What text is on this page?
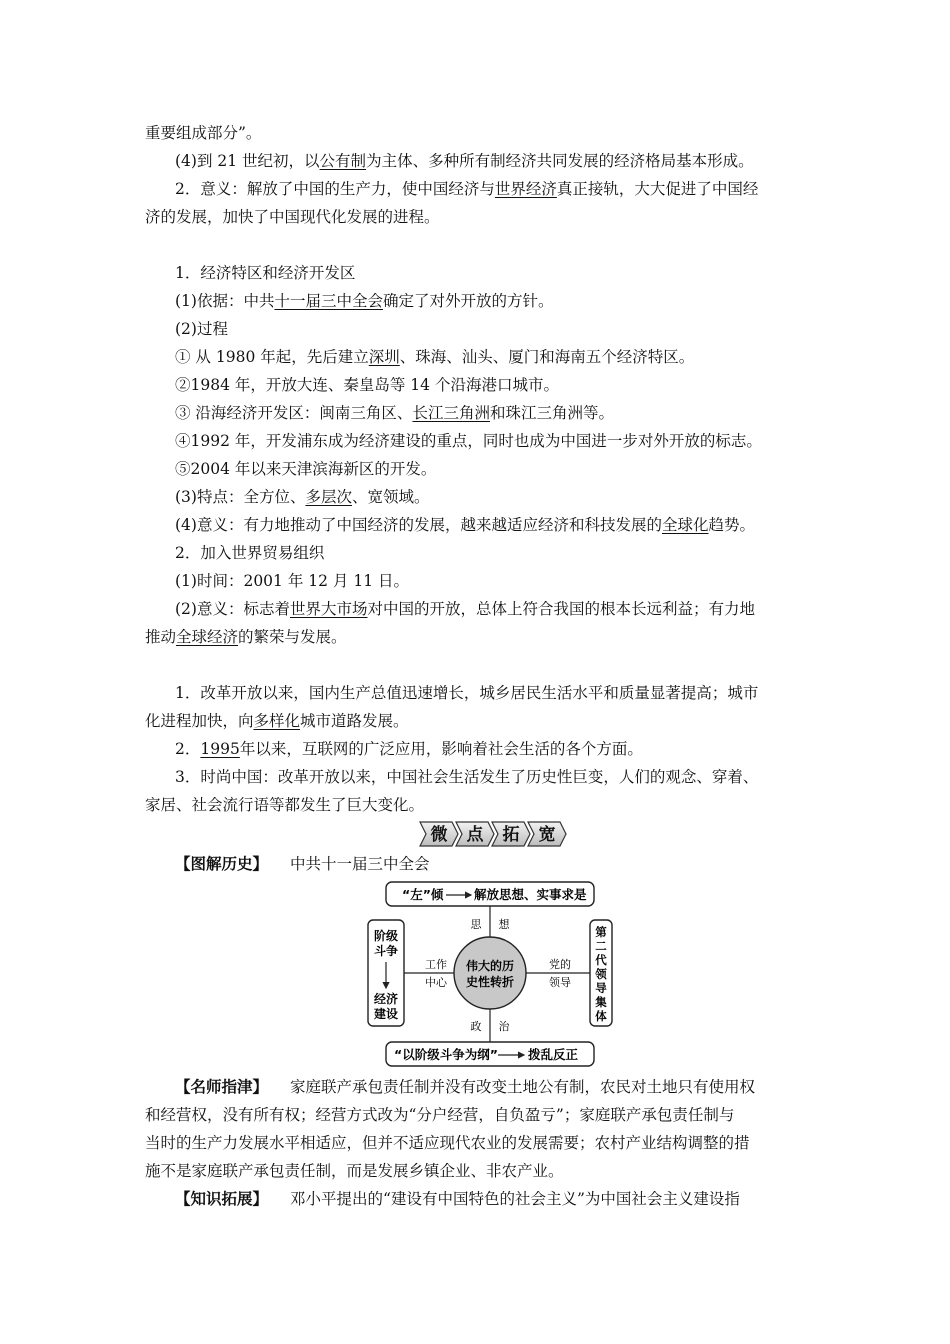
重要组成部分”。
(4)到 21 世纪初，以公有制为主体、多种所有制经济共同发展的经济格局基本形成。
2．意义：解放了中国的生产力，使中国经济与世界经济真正接轨，大大促进了中国经
济的发展，加快了中国现代化发展的进程。
1．经济特区和经济开发区
(1)依据：中共十一届三中全会确定了对外开放的方针。
(2)过程
① 从 1980 年起，先后建立深圳、珠海、汕头、厦门和海南五个经济特区。
②1984 年，开放大连、秦皇岛等 14 个沿海港口城市。
③ 沿海经济开发区：闽南三角区、长江三角洲和珠江三角洲等。
④1992 年，开发浦东成为经济建设的重点，同时也成为中国进一步对外开放的标志。
⑤2004 年以来天津滨海新区的开发。
(3)特点：全方位、多层次、宽领域。
(4)意义：有力地推动了中国经济的发展，越来越适应经济和科技发展的全球化趋势。
2．加入世界贸易组织
(1)时间：2001 年 12 月 11 日。
(2)意义：标志着世界大市场对中国的开放，总体上符合我国的根本长远利益；有力地
推动全球经济的繁荣与发展。
1．改革开放以来，国内生产总值迅速增长，城乡居民生活水平和质量显著提高；城市
化进程加快，向多样化城市道路发展。
2．1995年以来，互联网的广泛应用，影响着社会生活的各个方面。
3．时尚中国：改革开放以来，中国社会生活发生了历史性巨变，人们的观念、穿着、
家居、社会流行语等都发生了巨大变化。
微 点 拓 宽
【图解历史】 中共十一届三中全会
“左”倾 解放思想、实事求是
“以阶级斗争为纲” 拨乱反正
阶级
斗争
经济
建设
第
二
代
领
导
集
体
伟大的历
史性转折
思 想
政 治
工作
中心
党的
领导
【名师指津】 家庭联产承包责任制并没有改变土地公有制，农民对土地只有使用权
和经营权，没有所有权；经营方式改为“分户经营，自负盈亏”；家庭联产承包责任制与
当时的生产力发展水平相适应，但并不适应现代农业的发展需要；农村产业结构调整的措
施不是家庭联产承包责任制，而是发展乡镇企业、非农产业。
【知识拓展】 邓小平提出的“建设有中国特色的社会主义”为中国社会主义建设指
